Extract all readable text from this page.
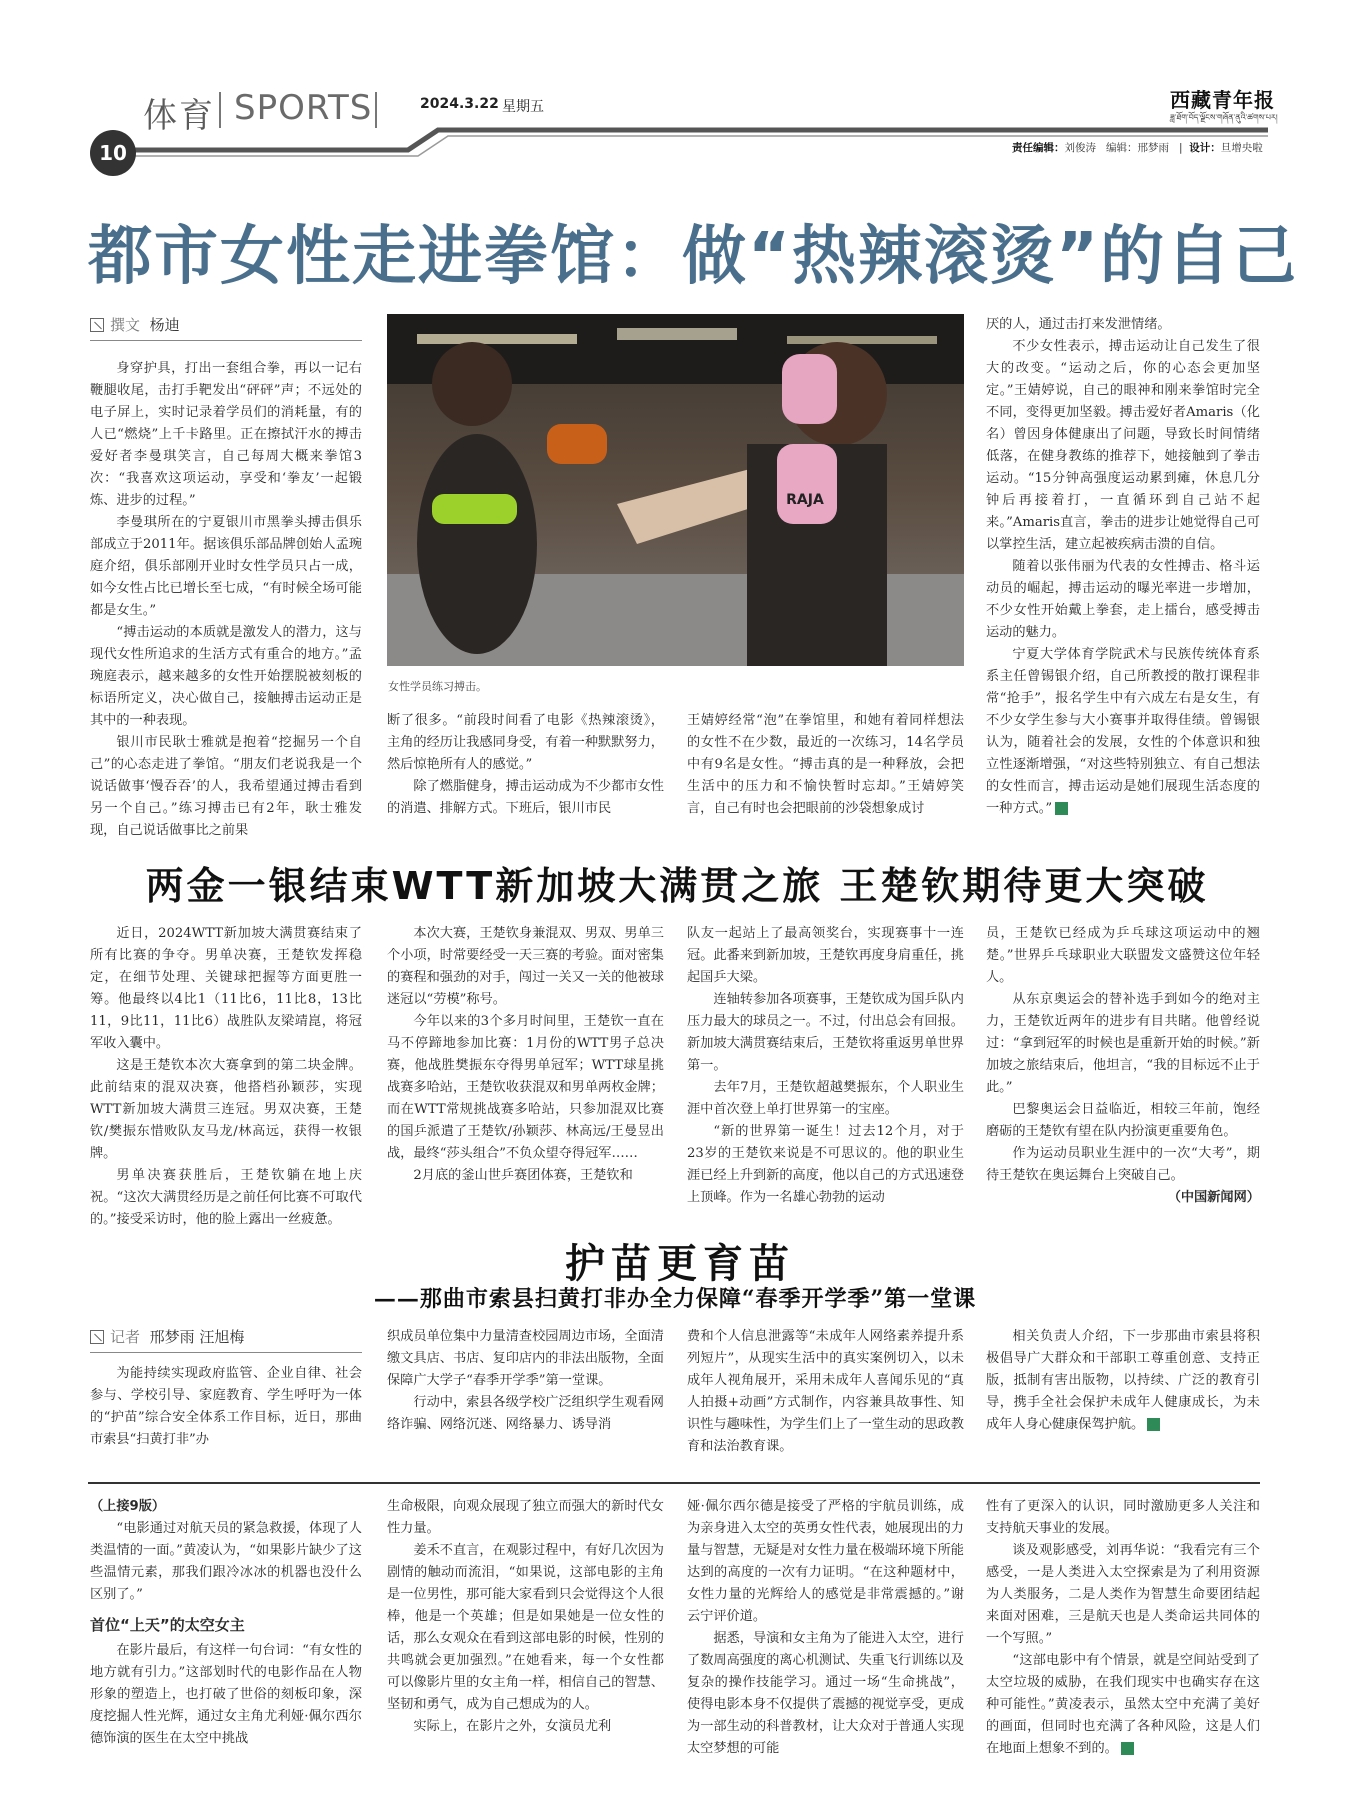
体育 SPORTS	2024.3.22 星期五	西藏青年报
ཟླ་ཐོག་བོད་ལྗོངས་གཞོན་ནུའི་ཚགས་པར།
10	责任编辑：刘俊涛 编辑：邢梦雨   |  设计：旦增央啦
都市女性走进拳馆：做“热辣滚烫”的自己
撰文 杨迪

身穿护具，打出一套组合拳，再以一记右鞭腿收尾，击打手靶发出“砰砰”声；不远处的电子屏上，实时记录着学员们的消耗量，有的人已“燃烧”上千卡路里。正在擦拭汗水的搏击爱好者李曼琪笑言，自己每周大概来拳馆3次：“我喜欢这项运动，享受和‘拳友’一起锻炼、进步的过程。”

李曼琪所在的宁夏银川市黑拳头搏击俱乐部成立于2011年。据该俱乐部品牌创始人孟琬庭介绍，俱乐部刚开业时女性学员只占一成，如今女性占比已增长至七成，“有时候全场可能都是女生。”

“搏击运动的本质就是激发人的潜力，这与现代女性所追求的生活方式有重合的地方。”孟琬庭表示，越来越多的女性开始摆脱被刻板的标语所定义，决心做自己，接触搏击运动正是其中的一种表现。

银川市民耿士雅就是抱着“挖掘另一个自己”的心态走进了拳馆。“朋友们老说我是一个说话做事‘慢吞吞’的人，我希望通过搏击看到另一个自己。”练习搏击已有2年，耿士雅发现，自己说话做事比之前果

RAJA
女性学员练习搏击。

断了很多。“前段时间看了电影《热辣滚烫》，主角的经历让我感同身受，有着一种默默努力，然后惊艳所有人的感觉。”

除了燃脂健身，搏击运动成为不少都市女性的消遣、排解方式。下班后，银川市民

王婧婷经常“泡”在拳馆里，和她有着同样想法的女性不在少数，最近的一次练习，14名学员中有9名是女性。“搏击真的是一种释放，会把生活中的压力和不愉快暂时忘却。”王婧婷笑言，自己有时也会把眼前的沙袋想象成讨

厌的人，通过击打来发泄情绪。

不少女性表示，搏击运动让自己发生了很大的改变。“运动之后，你的心态会更加坚定。”王婧婷说，自己的眼神和刚来拳馆时完全不同，变得更加坚毅。搏击爱好者Amaris（化名）曾因身体健康出了问题，导致长时间情绪低落，在健身教练的推荐下，她接触到了拳击运动。“15分钟高强度运动累到瘫，休息几分钟后再接着打，一直循环到自己站不起来。”Amaris直言，拳击的进步让她觉得自己可以掌控生活，建立起被疾病击溃的自信。

随着以张伟丽为代表的女性搏击、格斗运动员的崛起，搏击运动的曝光率进一步增加，不少女性开始戴上拳套，走上擂台，感受搏击运动的魅力。

宁夏大学体育学院武术与民族传统体育系系主任曾锡银介绍，自己所教授的散打课程非常“抢手”，报名学生中有六成左右是女生，有不少女学生参与大小赛事并取得佳绩。曾锡银认为，随着社会的发展，女性的个体意识和独立性逐渐增强，“对这些特别独立、有自己想法的女性而言，搏击运动是她们展现生活态度的一种方式。”	青

两金一银结束WTT新加坡大满贯之旅 王楚钦期待更大突破

近日，2024WTT新加坡大满贯赛结束了所有比赛的争夺。男单决赛，王楚钦发挥稳定，在细节处理、关键球把握等方面更胜一筹。他最终以4比1（11比6，11比8，13比11，9比11，11比6）战胜队友梁靖崑，将冠军收入囊中。

这是王楚钦本次大赛拿到的第二块金牌。此前结束的混双决赛，他搭档孙颖莎，实现WTT新加坡大满贯三连冠。男双决赛，王楚钦/樊振东惜败队友马龙/林高远，获得一枚银牌。

男单决赛获胜后，王楚钦躺在地上庆祝。“这次大满贯经历是之前任何比赛不可取代的。”接受采访时，他的脸上露出一丝疲惫。

本次大赛，王楚钦身兼混双、男双、男单三个小项，时常要经受一天三赛的考验。面对密集的赛程和强劲的对手，闯过一关又一关的他被球迷冠以“劳模”称号。

今年以来的3个多月时间里，王楚钦一直在马不停蹄地参加比赛：1月份的WTT男子总决赛，他战胜樊振东夺得男单冠军；WTT球星挑战赛多哈站，王楚钦收获混双和男单两枚金牌；而在WTT常规挑战赛多哈站，只参加混双比赛的国乒派遣了王楚钦/孙颖莎、林高远/王曼昱出战，最终“莎头组合”不负众望夺得冠军……

2月底的釜山世乒赛团体赛，王楚钦和

队友一起站上了最高领奖台，实现赛事十一连冠。此番来到新加坡，王楚钦再度身肩重任，挑起国乒大梁。

连轴转参加各项赛事，王楚钦成为国乒队内压力最大的球员之一。不过，付出总会有回报。新加坡大满贯赛结束后，王楚钦将重返男单世界第一。

去年7月，王楚钦超越樊振东，个人职业生涯中首次登上单打世界第一的宝座。

“新的世界第一诞生！过去12个月，对于23岁的王楚钦来说是不可思议的。他的职业生涯已经上升到新的高度，他以自己的方式迅速登上顶峰。作为一名雄心勃勃的运动

员，王楚钦已经成为乒乓球这项运动中的翘楚。”世界乒乓球职业大联盟发文盛赞这位年轻人。

从东京奥运会的替补选手到如今的绝对主力，王楚钦近两年的进步有目共睹。他曾经说过：“拿到冠军的时候也是重新开始的时候。”新加坡之旅结束后，他坦言，“我的目标远不止于此。”

巴黎奥运会日益临近，相较三年前，饱经磨砺的王楚钦有望在队内扮演更重要角色。

作为运动员职业生涯中的一次“大考”，期待王楚钦在奥运舞台上突破自己。

（中国新闻网）

护苗更育苗
——那曲市索县扫黄打非办全力保障“春季开学季”第一堂课
记者 邢梦雨 汪旭梅

为能持续实现政府监管、企业自律、社会参与、学校引导、家庭教育、学生呼吁为一体的“护苗”综合安全体系工作目标，近日，那曲市索县“扫黄打非”办

织成员单位集中力量清查校园周边市场，全面清缴文具店、书店、复印店内的非法出版物，全面保障广大学子“春季开学季”第一堂课。

行动中，索县各级学校广泛组织学生观看网络诈骗、网络沉迷、网络暴力、诱导消

费和个人信息泄露等“未成年人网络素养提升系列短片”，从现实生活中的真实案例切入，以未成年人视角展开，采用未成年人喜闻乐见的“真人拍摄+动画”方式制作，内容兼具故事性、知识性与趣味性，为学生们上了一堂生动的思政教育和法治教育课。

相关负责人介绍，下一步那曲市索县将积极倡导广大群众和干部职工尊重创意、支持正版，抵制有害出版物，以持续、广泛的教育引导，携手全社会保护未成年人健康成长，为未成年人身心健康保驾护航。	青

（上接9版）

“电影通过对航天员的紧急救援，体现了人类温情的一面。”黄凌认为，“如果影片缺少了这些温情元素，那我们跟冷冰冰的机器也没什么区别了。”

首位“上天”的太空女主

在影片最后，有这样一句台词：“有女性的地方就有引力。”这部划时代的电影作品在人物形象的塑造上，也打破了世俗的刻板印象，深度挖掘人性光辉，通过女主角尤利娅·佩尔西尔德饰演的医生在太空中挑战

生命极限，向观众展现了独立而强大的新时代女性力量。

姜禾不直言，在观影过程中，有好几次因为剧情的触动而流泪，“如果说，这部电影的主角是一位男性，那可能大家看到只会觉得这个人很棒，他是一个英雄；但是如果她是一位女性的话，那么女观众在看到这部电影的时候，性别的共鸣就会更加强烈。”在她看来，每一个女性都可以像影片里的女主角一样，相信自己的智慧、坚韧和勇气，成为自己想成为的人。

实际上，在影片之外，女演员尤利

娅·佩尔西尔德是接受了严格的宇航员训练，成为亲身进入太空的英勇女性代表，她展现出的力量与智慧，无疑是对女性力量在极端环境下所能达到的高度的一次有力证明。“在这种题材中，女性力量的光辉给人的感觉是非常震撼的。”谢云宁评价道。

据悉，导演和女主角为了能进入太空，进行了数周高强度的离心机测试、失重飞行训练以及复杂的操作技能学习。通过一场“生命挑战”，使得电影本身不仅提供了震撼的视觉享受，更成为一部生动的科普教材，让大众对于普通人实现太空梦想的可能

性有了更深入的认识，同时激励更多人关注和支持航天事业的发展。

谈及观影感受，刘再华说：“我看完有三个感受，一是人类进入太空探索是为了利用资源为人类服务，二是人类作为智慧生命要团结起来面对困难，三是航天也是人类命运共同体的一个写照。”

“这部电影中有个情景，就是空间站受到了太空垃圾的威胁，在我们现实中也确实存在这种可能性。”黄凌表示，虽然太空中充满了美好的画面，但同时也充满了各种风险，这是人们在地面上想象不到的。	青
